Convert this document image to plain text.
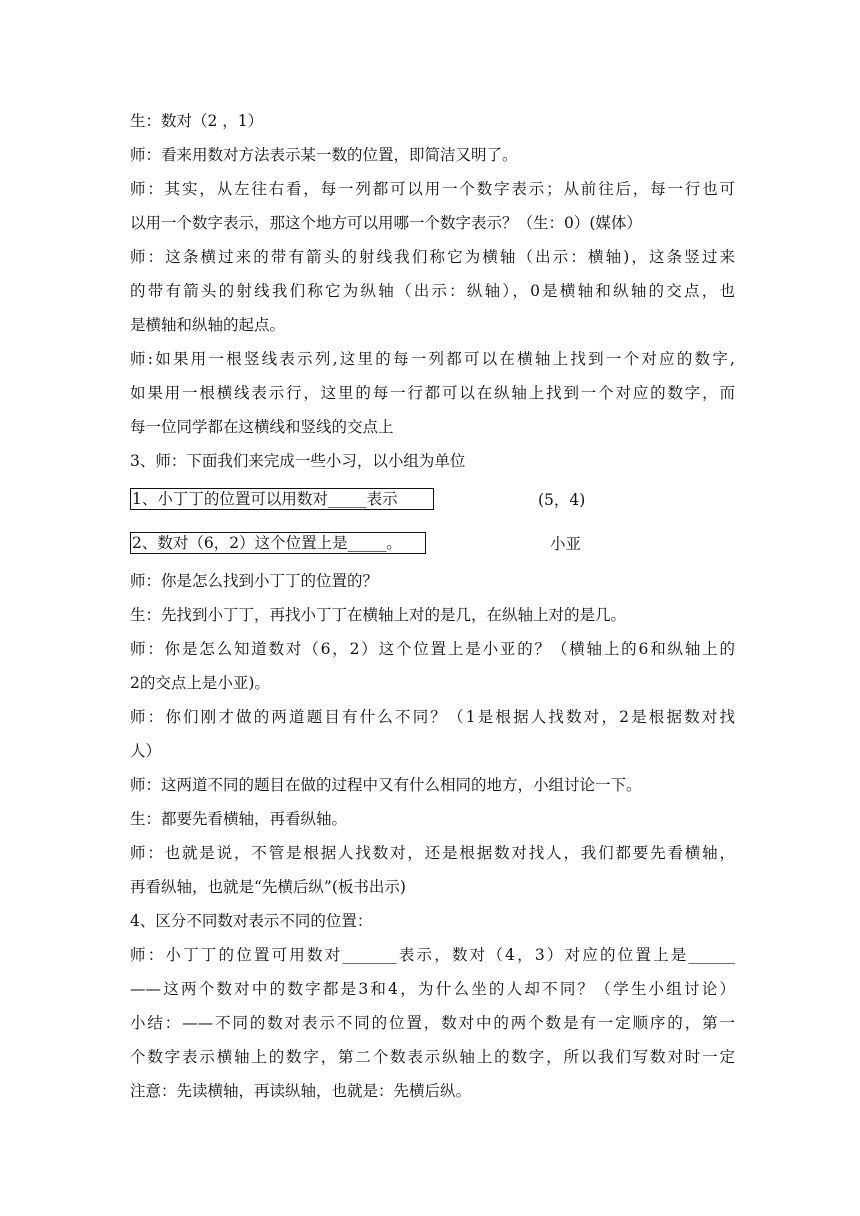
生：数对（2 ，1）
师：看来用数对方法表示某一数的位置，即简洁又明了。
师：其实，从左往右看，每一列都可以用一个数字表示；从前往后，每一行也可
以用一个数字表示，那这个地方可以用哪一个数字表示？（生：0）(媒体）
师：这条横过来的带有箭头的射线我们称它为横轴（出示：横轴)，这条竖过来
的带有箭头的射线我们称它为纵轴（出示：纵轴），0是横轴和纵轴的交点，也
是横轴和纵轴的起点。
师:如果用一根竖线表示列,这里的每一列都可以在横轴上找到一个对应的数字,
如果用一根横线表示行，这里的每一行都可以在纵轴上找到一个对应的数字，而
每一位同学都在这横线和竖线的交点上
3、师：下面我们来完成一些小习，以小组为单位
1、小丁丁的位置可以用数对_____表示	(5，4)
2、数对（6，2）这个位置上是_____。	小亚
师：你是怎么找到小丁丁的位置的？
生：先找到小丁丁，再找小丁丁在横轴上对的是几，在纵轴上对的是几。
师：你是怎么知道数对（6，2）这个位置上是小亚的？（横轴上的6和纵轴上的
2的交点上是小亚)。
师：你们刚才做的两道题目有什么不同？（1是根据人找数对，2是根据数对找
人）
师：这两道不同的题目在做的过程中又有什么相同的地方，小组讨论一下。
生：都要先看横轴，再看纵轴。
师：也就是说，不管是根据人找数对，还是根据数对找人，我们都要先看横轴，
再看纵轴，也就是“先横后纵”(板书出示)
4、区分不同数对表示不同的位置：
师：小丁丁的位置可用数对_______表示，数对（4，3）对应的位置上是______
——这两个数对中的数字都是3和4，为什么坐的人却不同？（学生小组讨论）
小结：——不同的数对表示不同的位置，数对中的两个数是有一定顺序的，第一
个数字表示横轴上的数字，第二个数表示纵轴上的数字，所以我们写数对时一定
注意：先读横轴，再读纵轴，也就是：先横后纵。
